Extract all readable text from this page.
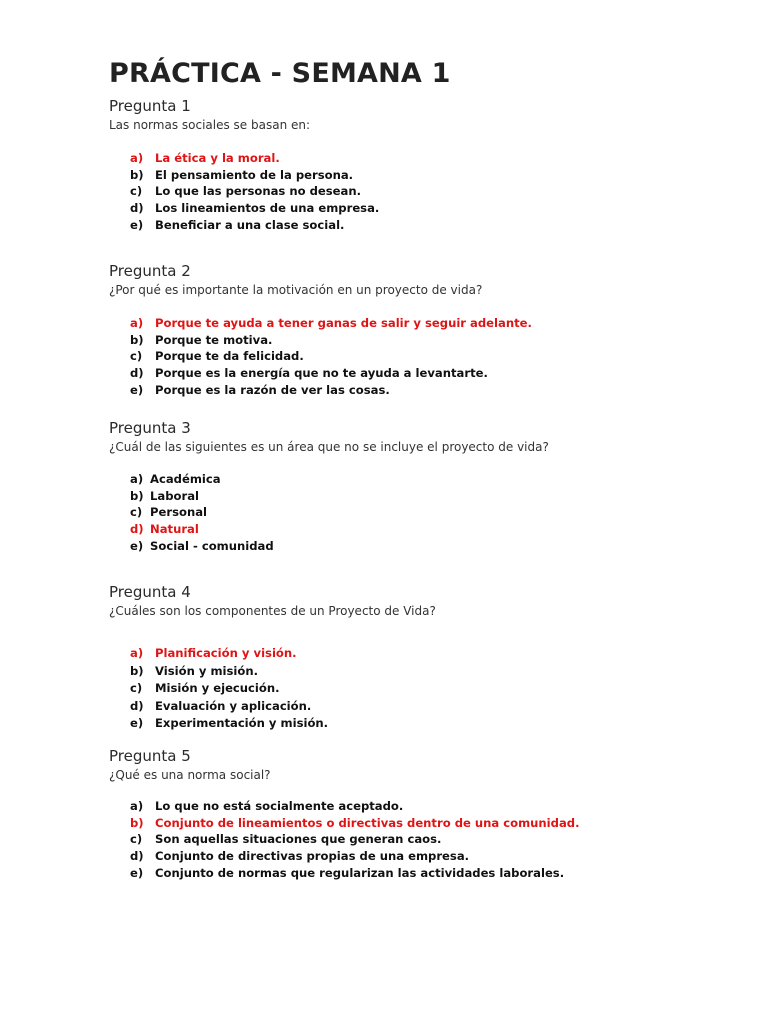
PRÁCTICA - SEMANA 1
Pregunta 1
Las normas sociales se basan en:
a)	La ética y la moral.
b) El pensamiento de la persona.
c)	Lo que las personas no desean.
d) Los lineamientos de una empresa.
e)	Beneficiar a una clase social.
Pregunta 2
¿Por qué es importante la motivación en un proyecto de vida?
a)	Porque te ayuda a tener ganas de salir y seguir adelante.
b) Porque te motiva.
c)	Porque te da felicidad.
d) Porque es la energía que no te ayuda a levantarte.
e)	Porque es la razón de ver las cosas.
Pregunta 3
¿Cuál de las siguientes es un área que no se incluye el proyecto de vida?
a) Académica
b) Laboral
c) Personal
d) Natural
e) Social - comunidad
Pregunta 4
¿Cuáles son los componentes de un Proyecto de Vida?
a)	Planificación y visión.
b) Visión y misión.
c)	Misión y ejecución.
d) Evaluación y aplicación.
e)	Experimentación y misión.
Pregunta 5
¿Qué es una norma social?
a)	Lo que no está socialmente aceptado.
b) Conjunto de lineamientos o directivas dentro de una comunidad.
c)	Son aquellas situaciones que generan caos.
d) Conjunto de directivas propias de una empresa.
e)	Conjunto de normas que regularizan las actividades laborales.
